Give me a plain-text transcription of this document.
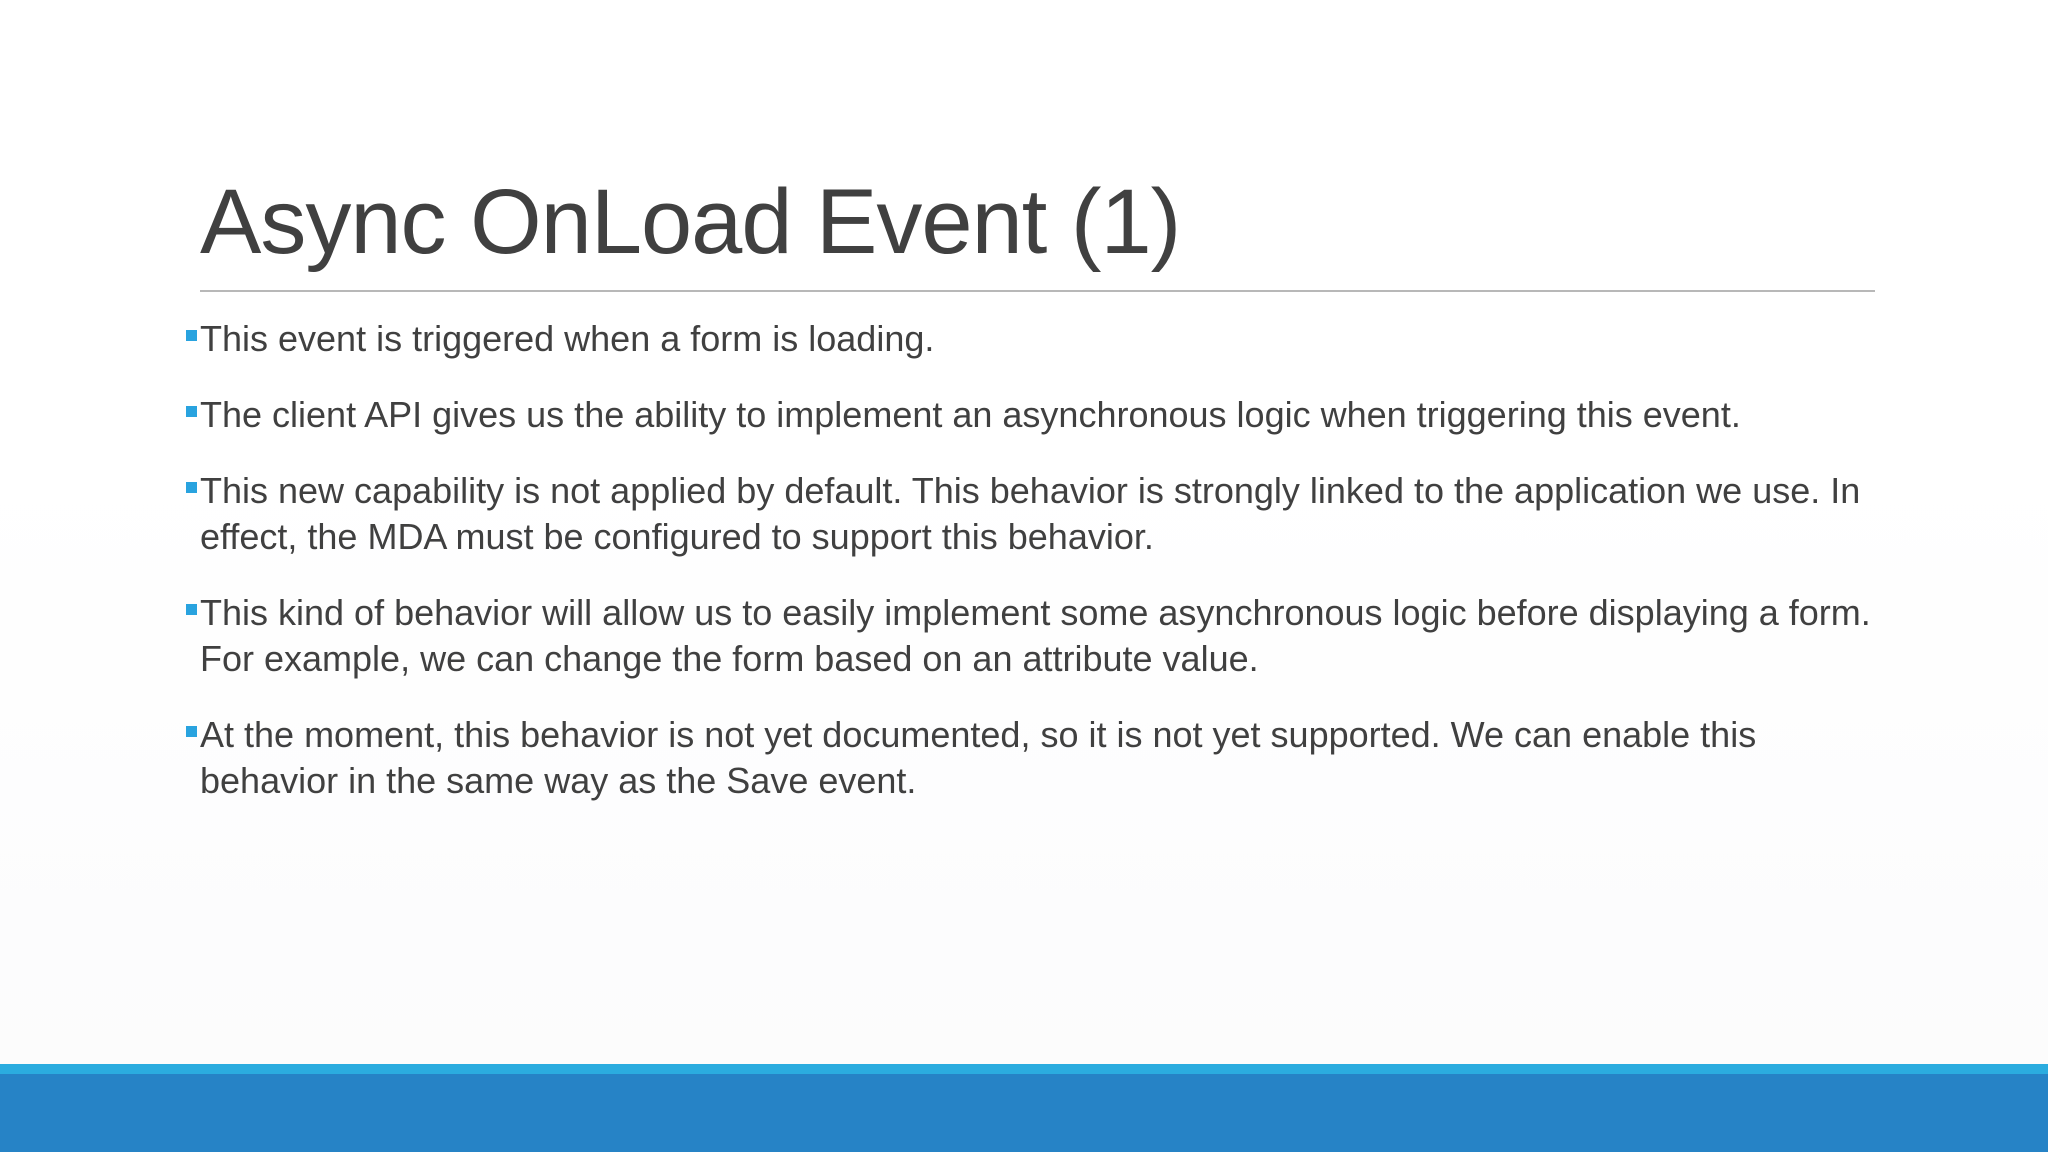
Async OnLoad Event (1)
This event is triggered when a form is loading.
The client API gives us the ability to implement an asynchronous logic when triggering this event.
This new capability is not applied by default. This behavior is strongly linked to the application we use. In effect, the MDA must be configured to support this behavior.
This kind of behavior will allow us to easily implement some asynchronous logic before displaying a form. For example, we can change the form based on an attribute value.
At the moment, this behavior is not yet documented, so it is not yet supported. We can enable this behavior in the same way as the Save event.
